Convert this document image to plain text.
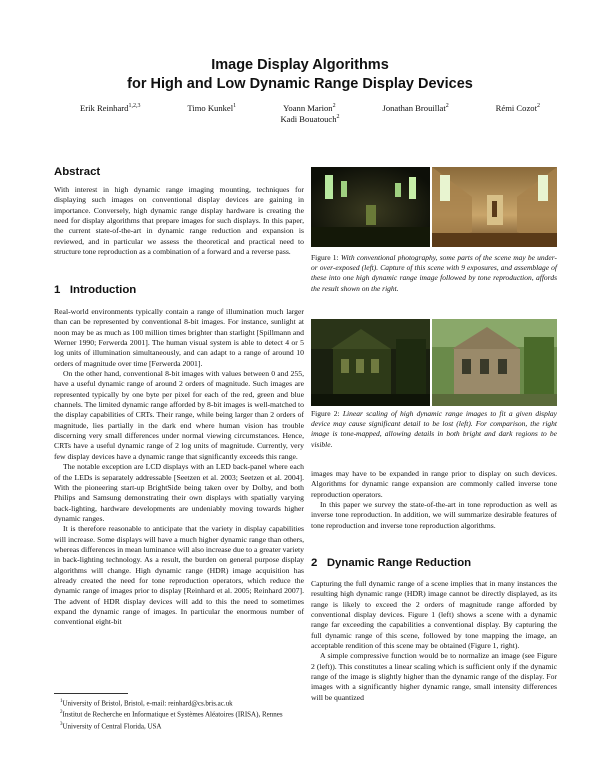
Image Display Algorithms
for High and Low Dynamic Range Display Devices
Erik Reinhard$^{1,2,3}$	Timo Kunkel$^1$	Yoann Marion$^2$	Jonathan Brouillat$^2$	Rémi Cozot$^2$
Kadi Bouatouch$^2$
Abstract

With interest in high dynamic range imaging mounting, techniques for displaying such images on conventional display devices are gaining in importance. Conversely, high dynamic range display hardware is creating the need for display algorithms that prepare images for such displays. In this paper, the current state-of-the-art in dynamic range reduction and expansion is reviewed, and in particular we assess the theoretical and practical need to structure tone reproduction as a combination of a forward and a reverse pass.

1   Introduction

Real-world environments typically contain a range of illumination much larger than can be represented by conventional 8-bit images. For instance, sunlight at noon may be as much as 100 million times brighter than starlight [Spillmann and Werner 1990; Ferwerda 2001]. The human visual system is able to detect 4 or 5 log units of illumination simultaneously, and can adapt to a range of around 10 orders of magnitude over time [Ferwerda 2001].

On the other hand, conventional 8-bit images with values between 0 and 255, have a useful dynamic range of around 2 orders of magnitude. Such images are represented typically by one byte per pixel for each of the red, green and blue channels. The limited dynamic range afforded by 8-bit images is well-matched to the display capabilities of CRTs. Their range, while being larger than 2 orders of magnitude, lies partially in the dark end where human vision has trouble discerning very small differences under normal viewing circumstances. Hence, CRTs have a useful dynamic range of 2 log units of magnitude. Currently, very few display devices have a dynamic range that significantly exceeds this range.

The notable exception are LCD displays with an LED back-panel where each of the LEDs is separately addressable [Seetzen et al. 2003; Seetzen et al. 2004]. With the pioneering start-up BrightSide being taken over by Dolby, and both Philips and Samsung demonstrating their own displays with spatially varying back-lighting, hardware developments are undeniably moving towards higher dynamic ranges.

It is therefore reasonable to anticipate that the variety in display capabilities will increase. Some displays will have a much higher dynamic range than others, whereas differences in mean luminance will also increase due to a greater variety in back-lighting technology. As a result, the burden on general purpose display algorithms will change. High dynamic range (HDR) image acquisition has already created the need for tone reproduction operators, which reduce the dynamic range of images prior to display [Reinhard et al. 2005; Reinhard 2007]. The advent of HDR display devices will add to this the need to sometimes expand the dynamic range of images. In particular the enormous number of conventional eight-bit

$^1$University of Bristol, Bristol, e-mail: reinhard@cs.bris.ac.uk
$^2$Institut de Recherche en Informatique et Systèmes Aléatoires (IRISA), Rennes
$^3$University of Central Florida, USA
Figure 1: With conventional photography, some parts of the scene may be under- or over-exposed (left). Capture of this scene with 9 exposures, and assemblage of these into one high dynamic range image followed by tone reproduction, affords the result shown on the right.
Figure 2: Linear scaling of high dynamic range images to fit a given display device may cause significant detail to be lost (left). For comparison, the right image is tone-mapped, allowing details in both bright and dark regions to be visible.

images may have to be expanded in range prior to display on such devices. Algorithms for dynamic range expansion are commonly called inverse tone reproduction operators.

In this paper we survey the state-of-the-art in tone reproduction as well as inverse tone reproduction. In addition, we will summarize desirable features of tone reproduction and inverse tone reproduction algorithms.

2   Dynamic Range Reduction

Capturing the full dynamic range of a scene implies that in many instances the resulting high dynamic range (HDR) image cannot be directly displayed, as its range is likely to exceed the 2 orders of magnitude range afforded by conventional display devices. Figure 1 (left) shows a scene with a dynamic range far exceeding the capabilities a conventional display. By capturing the full dynamic range of this scene, followed by tone mapping the image, an acceptable rendition of this scene may be obtained (Figure 1, right).

A simple compressive function would be to normalize an image (see Figure 2 (left)). This constitutes a linear scaling which is sufficient only if the dynamic range of the image is slightly higher than the dynamic range of the display. For images with a significantly higher dynamic range, small intensity differences will be quantized
